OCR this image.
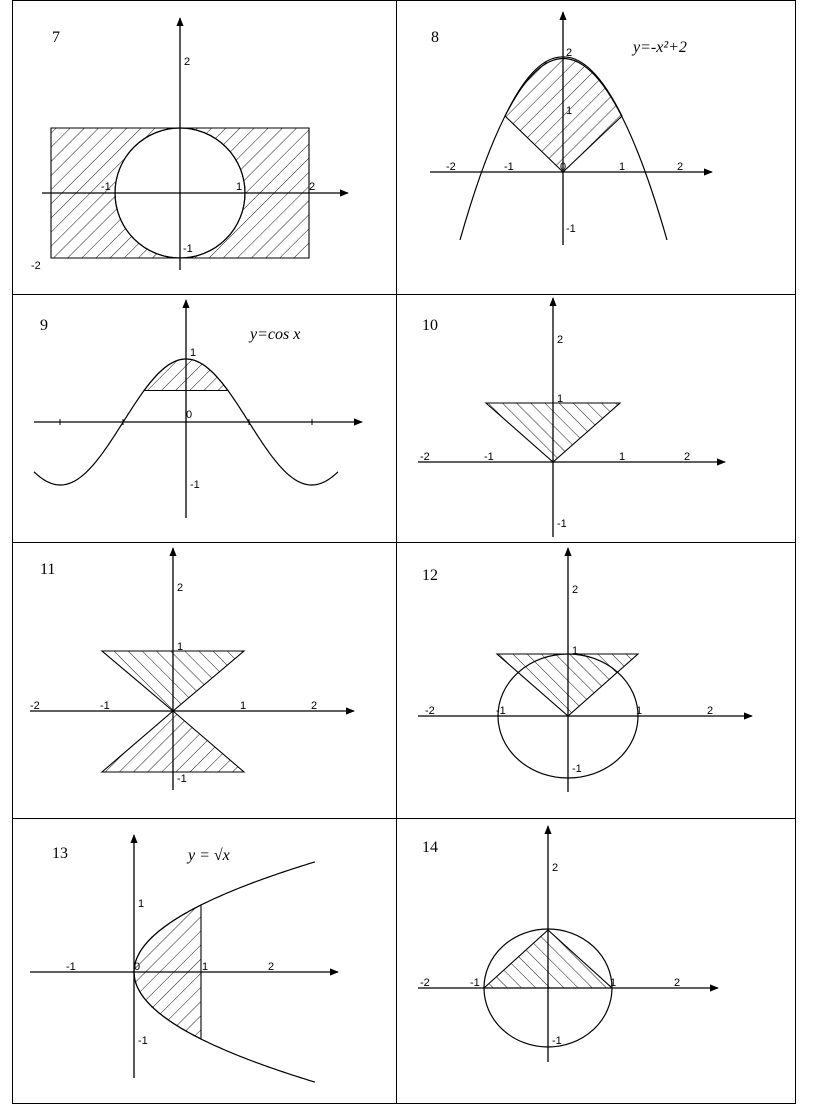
7
2
-1	1	2
-1
-2
8
y=-x²+2
2
1
-2	-1	0	1	2
-1
9
y=cos x
1
0
-1
10
2
1
-2	-1	1	2
-1
11
2
1
-2	-1	1	2
-1
12
2
1
-2	-1	1	2
-1
13	y = √x
1
-1	0	1	2
-1
14
2
-2	-1	1	2
-1
